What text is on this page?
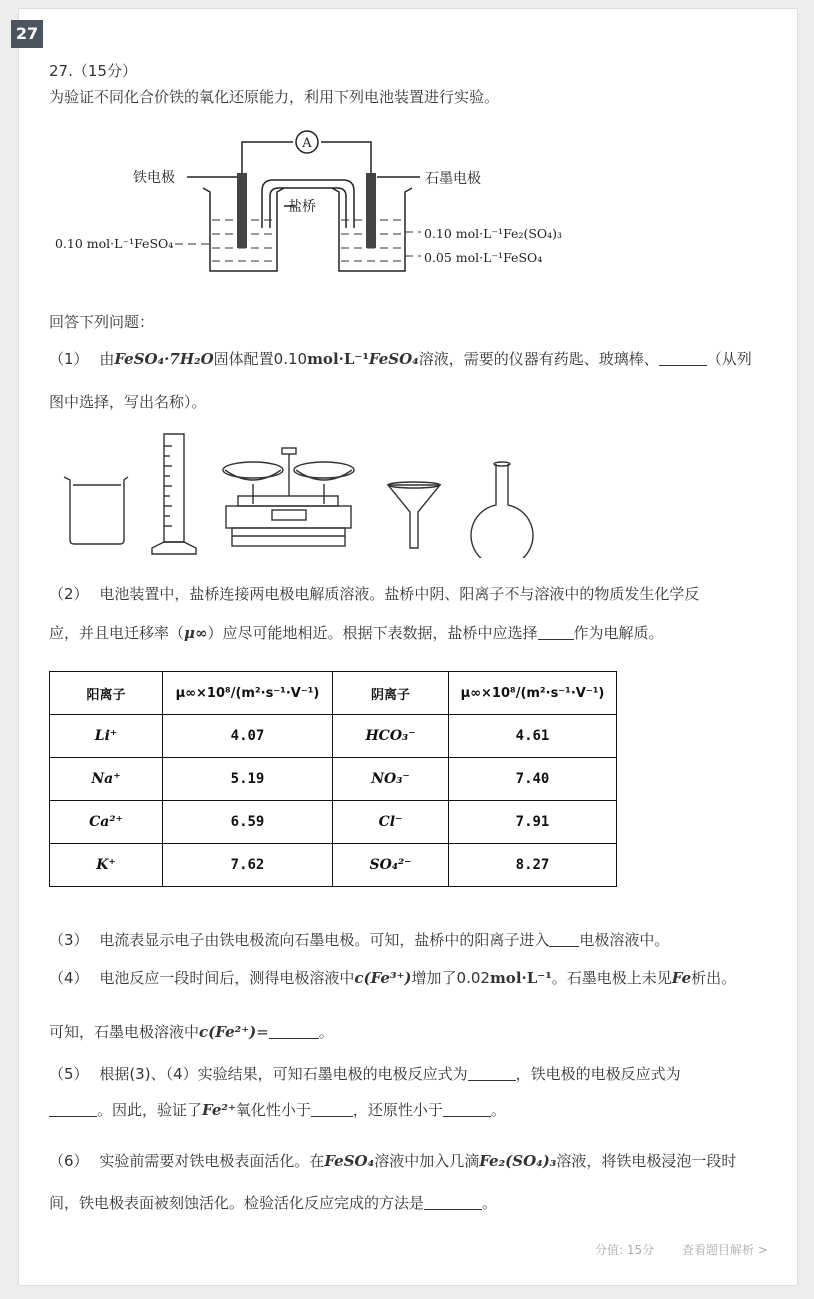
27
27.（15分）
为验证不同化合价铁的氧化还原能力，利用下列电池装置进行实验。
A
铁电极	石墨电极
盐桥
0.10 mol·L⁻¹FeSO₄
0.10 mol·L⁻¹Fe₂(SO₄)₃
0.05 mol·L⁻¹FeSO₄
回答下列问题：
（1） 由FeSO₄·7H₂O固体配置0.10mol·L⁻¹FeSO₄溶液，需要的仪器有药匙、玻璃棒、	（从列
图中选择，写出名称）。
（2） 电池装置中，盐桥连接两电极电解质溶液。盐桥中阴、阳离子不与溶液中的物质发生化学反
应，并且电迁移率（μ∞）应尽可能地相近。根据下表数据，盐桥中应选择 作为电解质。
阳离子	μ∞×10⁸/(m²·s⁻¹·V⁻¹)	阴离子	μ∞×10⁸/(m²·s⁻¹·V⁻¹)
Li⁺	4.07	HCO₃⁻	4.61
Na⁺	5.19	NO₃⁻	7.40
Ca²⁺	6.59	Cl⁻	7.91
K⁺	7.62	SO₄²⁻	8.27
（3） 电流表显示电子由铁电极流向石墨电极。可知，盐桥中的阳离子进入 电极溶液中。
（4） 电池反应一段时间后，测得电极溶液中c(Fe³⁺)增加了0.02mol·L⁻¹。石墨电极上未见Fe析出。
可知，石墨电极溶液中c(Fe²⁺)=	。
（5） 根据(3)、（4）实验结果，可知石墨电极的电极反应式为	，铁电极的电极反应式为
。因此，验证了Fe²⁺氧化性小于	，还原性小于	。
（6） 实验前需要对铁电极表面活化。在FeSO₄溶液中加入几滴Fe₂(SO₄)₃溶液，将铁电极浸泡一段时
间，铁电极表面被刻蚀活化。检验活化反应完成的方法是	。
分值: 15分 查看题目解析 >
